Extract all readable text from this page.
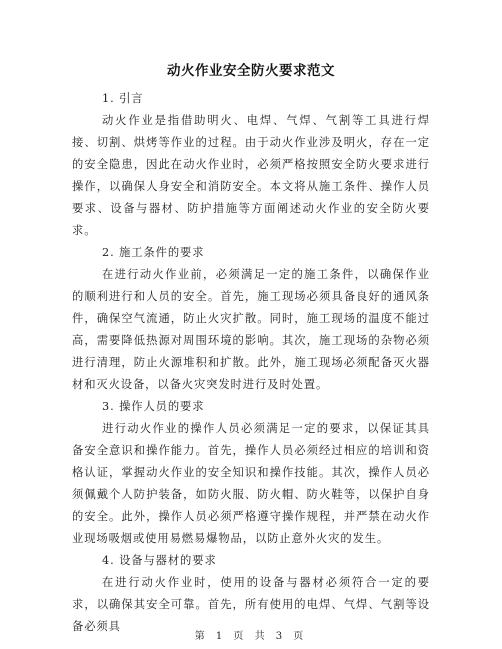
动火作业安全防火要求范文

1. 引言

动火作业是指借助明火、电焊、气焊、气割等工具进行焊接、切割、烘烤等作业的过程。由于动火作业涉及明火，存在一定的安全隐患，因此在动火作业时，必须严格按照安全防火要求进行操作，以确保人身安全和消防安全。本文将从施工条件、操作人员要求、设备与器材、防护措施等方面阐述动火作业的安全防火要求。

2. 施工条件的要求

在进行动火作业前，必须满足一定的施工条件，以确保作业的顺利进行和人员的安全。首先，施工现场必须具备良好的通风条件，确保空气流通，防止火灾扩散。同时，施工现场的温度不能过高，需要降低热源对周围环境的影响。其次，施工现场的杂物必须进行清理，防止火源堆积和扩散。此外，施工现场必须配备灭火器材和灭火设备，以备火灾突发时进行及时处置。

3. 操作人员的要求

进行动火作业的操作人员必须满足一定的要求，以保证其具备安全意识和操作能力。首先，操作人员必须经过相应的培训和资格认证，掌握动火作业的安全知识和操作技能。其次，操作人员必须佩戴个人防护装备，如防火服、防火帽、防火鞋等，以保护自身的安全。此外，操作人员必须严格遵守操作规程，并严禁在动火作业现场吸烟或使用易燃易爆物品，以防止意外火灾的发生。

4. 设备与器材的要求

在进行动火作业时，使用的设备与器材必须符合一定的要求，以确保其安全可靠。首先，所有使用的电焊、气焊、气割等设备必须具

第 1 页 共 3 页
